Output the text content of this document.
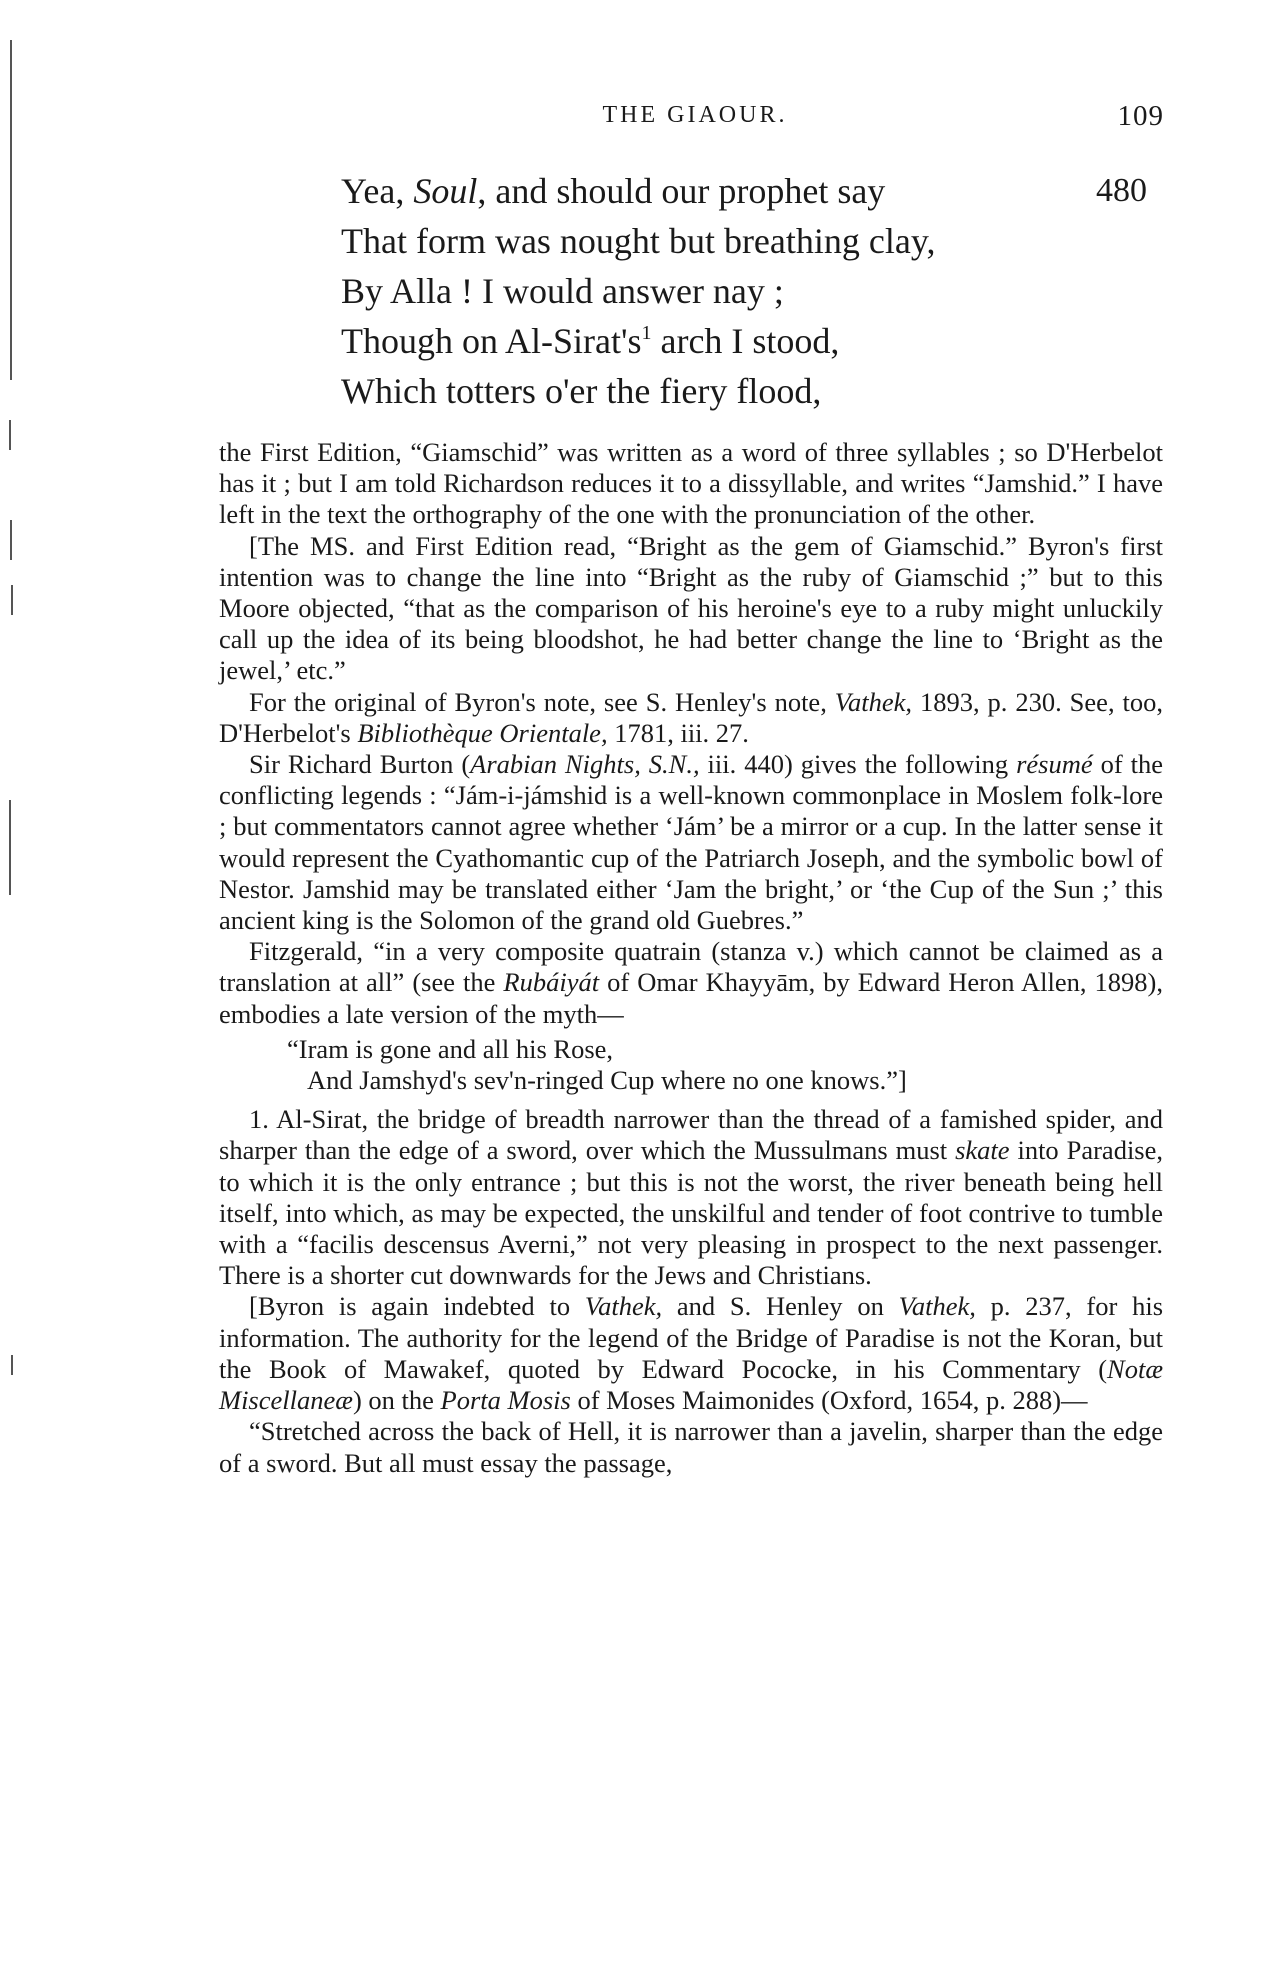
THE GIAOUR.	109
Yea, Soul, and should our prophet say	480
That form was nought but breathing clay,
By Alla ! I would answer nay ;
Though on $Al-Sirat's^1$ arch I stood,
Which totters o'er the fiery flood,

the First Edition, “Giamschid” was written as a word of three syllables ; so D'Herbelot has it ; but I am told Richardson reduces it to a dissyllable, and writes “Jamshid.” I have left in the text the orthography of the one with the pronunciation of the other.

[The MS. and First Edition read, “Bright as the gem of Giamschid.” Byron's first intention was to change the line into “Bright as the ruby of Giamschid ;” but to this Moore objected, “that as the comparison of his heroine's eye to a ruby might unluckily call up the idea of its being bloodshot, he had better change the line to ‘Bright as the jewel,’ etc.”

For the original of Byron's note, see S. Henley's note, Vathek, 1893, p. 230. See, too, D'Herbelot's Bibliothèque Orientale, 1781, iii. 27.

Sir Richard Burton (Arabian Nights, S.N., iii. 440) gives the following résumé of the conflicting legends : “Jám-i-jámshid is a well-known commonplace in Moslem folk-lore ; but commentators cannot agree whether ‘Jám’ be a mirror or a cup. In the latter sense it would represent the Cyathomantic cup of the Patriarch Joseph, and the symbolic bowl of Nestor. Jamshid may be translated either ‘Jam the bright,’ or ‘the Cup of the Sun ;’ this ancient king is the Solomon of the grand old Guebres.”

Fitzgerald, “in a very composite quatrain (stanza v.) which cannot be claimed as a translation at all” (see the Rubáiyát of Omar Khayyām, by Edward Heron Allen, 1898), embodies a late version of the myth—

“Iram is gone and all his Rose,

And Jamshyd's sev'n-ringed Cup where no one knows.”]

1. Al-Sirat, the bridge of breadth narrower than the thread of a famished spider, and sharper than the edge of a sword, over which the Mussulmans must skate into Paradise, to which it is the only entrance ; but this is not the worst, the river beneath being hell itself, into which, as may be expected, the unskilful and tender of foot contrive to tumble with a “facilis descensus Averni,” not very pleasing in prospect to the next passenger. There is a shorter cut downwards for the Jews and Christians.

[Byron is again indebted to Vathek, and S. Henley on Vathek, p. 237, for his information. The authority for the legend of the Bridge of Paradise is not the Koran, but the Book of Mawakef, quoted by Edward Pococke, in his Commentary (Notæ Miscellaneæ) on the Porta Mosis of Moses Maimonides (Oxford, 1654, p. 288)—

“Stretched across the back of Hell, it is narrower than a javelin, sharper than the edge of a sword. But all must essay the passage,
